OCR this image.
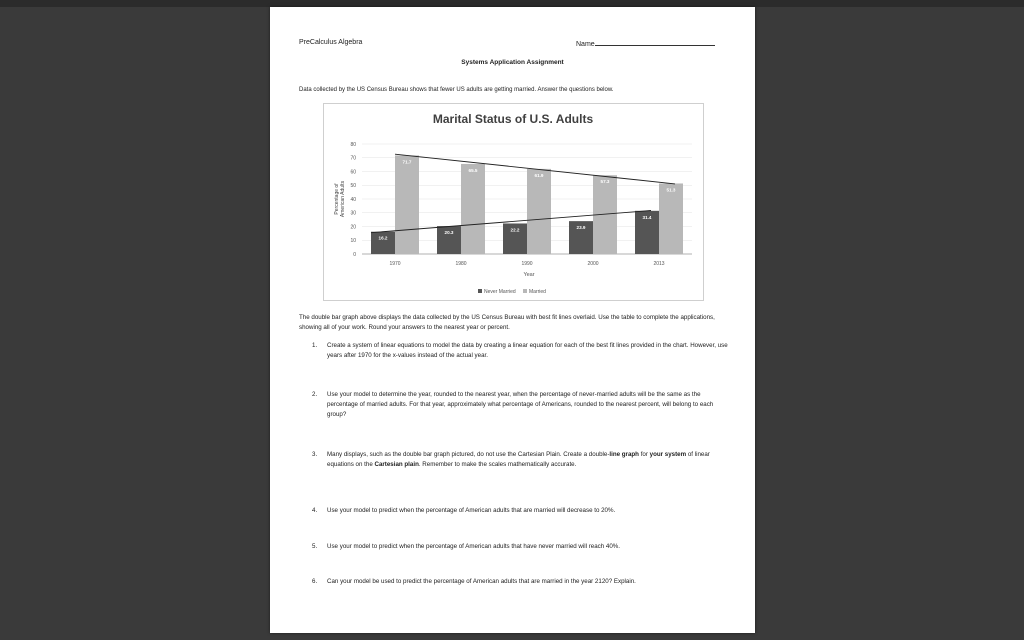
PreCalculus Algebra	Name
Systems Application Assignment
Data collected by the US Census Bureau shows that fewer US adults are getting married. Answer the questions below.
Marital Status of U.S. Adults
0
10
20
30
40
50
60
70
80
16.2
71.7
20.3
65.5
22.2
61.9
23.9
57.3
31.4
51.3
1970	1980	1990	2000	2013
Percentage of American Adults
Year
Never Married	Married
The double bar graph above displays the data collected by the US Census Bureau with best fit lines overlaid. Use the table to complete the applications, showing all of your work. Round your answers to the nearest year or percent.
1. Create a system of linear equations to model the data by creating a linear equation for each of the best fit lines provided in the chart. However, use years after 1970 for the x-values instead of the actual year.
2. Use your model to determine the year, rounded to the nearest year, when the percentage of never-married adults will be the same as the percentage of married adults. For that year, approximately what percentage of Americans, rounded to the nearest percent, will belong to each group?
3. Many displays, such as the double bar graph pictured, do not use the Cartesian Plain. Create a double-line graph for your system of linear equations on the Cartesian plain. Remember to make the scales mathematically accurate.
4. Use your model to predict when the percentage of American adults that are married will decrease to 20%.
5. Use your model to predict when the percentage of American adults that have never married will reach 40%.
6. Can your model be used to predict the percentage of American adults that are married in the year 2120? Explain.
